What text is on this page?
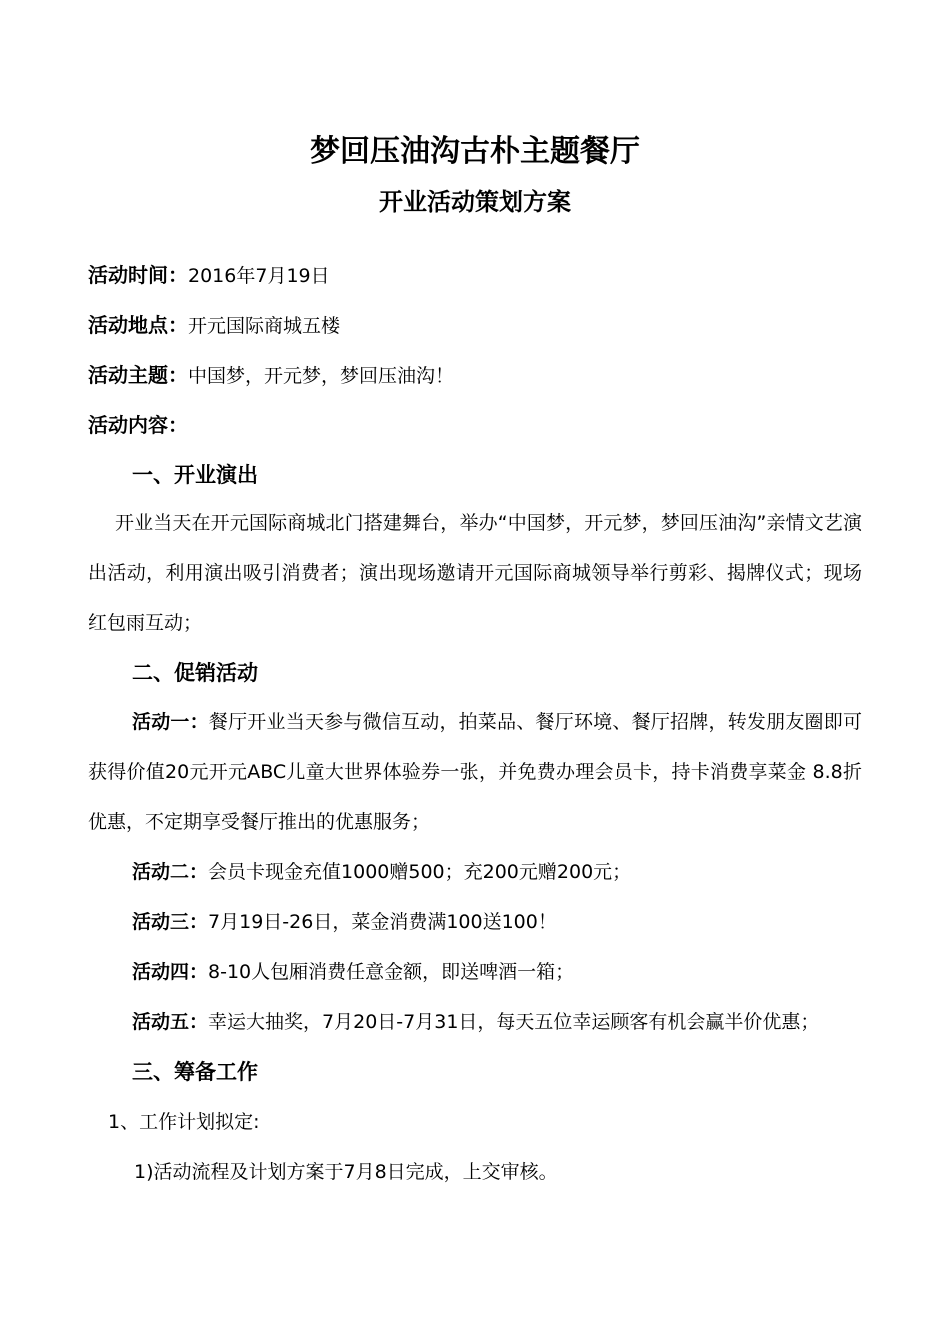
梦回压油沟古朴主题餐厅
开业活动策划方案
活动时间：2016年7月19日
活动地点：开元国际商城五楼
活动主题：中国梦，开元梦，梦回压油沟！
活动内容：
一、开业演出
开业当天在开元国际商城北门搭建舞台，举办“中国梦，开元梦，梦回压油沟”亲情文艺演出活动，利用演出吸引消费者；演出现场邀请开元国际商城领导举行剪彩、揭牌仪式；现场红包雨互动；
二、促销活动
活动一：餐厅开业当天参与微信互动，拍菜品、餐厅环境、餐厅招牌，转发朋友圈即可获得价值20元开元ABC儿童大世界体验券一张，并免费办理会员卡，持卡消费享菜金 8.8折优惠，不定期享受餐厅推出的优惠服务；
活动二：会员卡现金充值1000赠500；充200元赠200元；
活动三：7月19日-26日，菜金消费满100送100！
活动四：8-10人包厢消费任意金额，即送啤酒一箱；
活动五：幸运大抽奖，7月20日-7月31日，每天五位幸运顾客有机会赢半价优惠；
三、筹备工作
1、工作计划拟定:
1)活动流程及计划方案于7月8日完成，上交审核。
